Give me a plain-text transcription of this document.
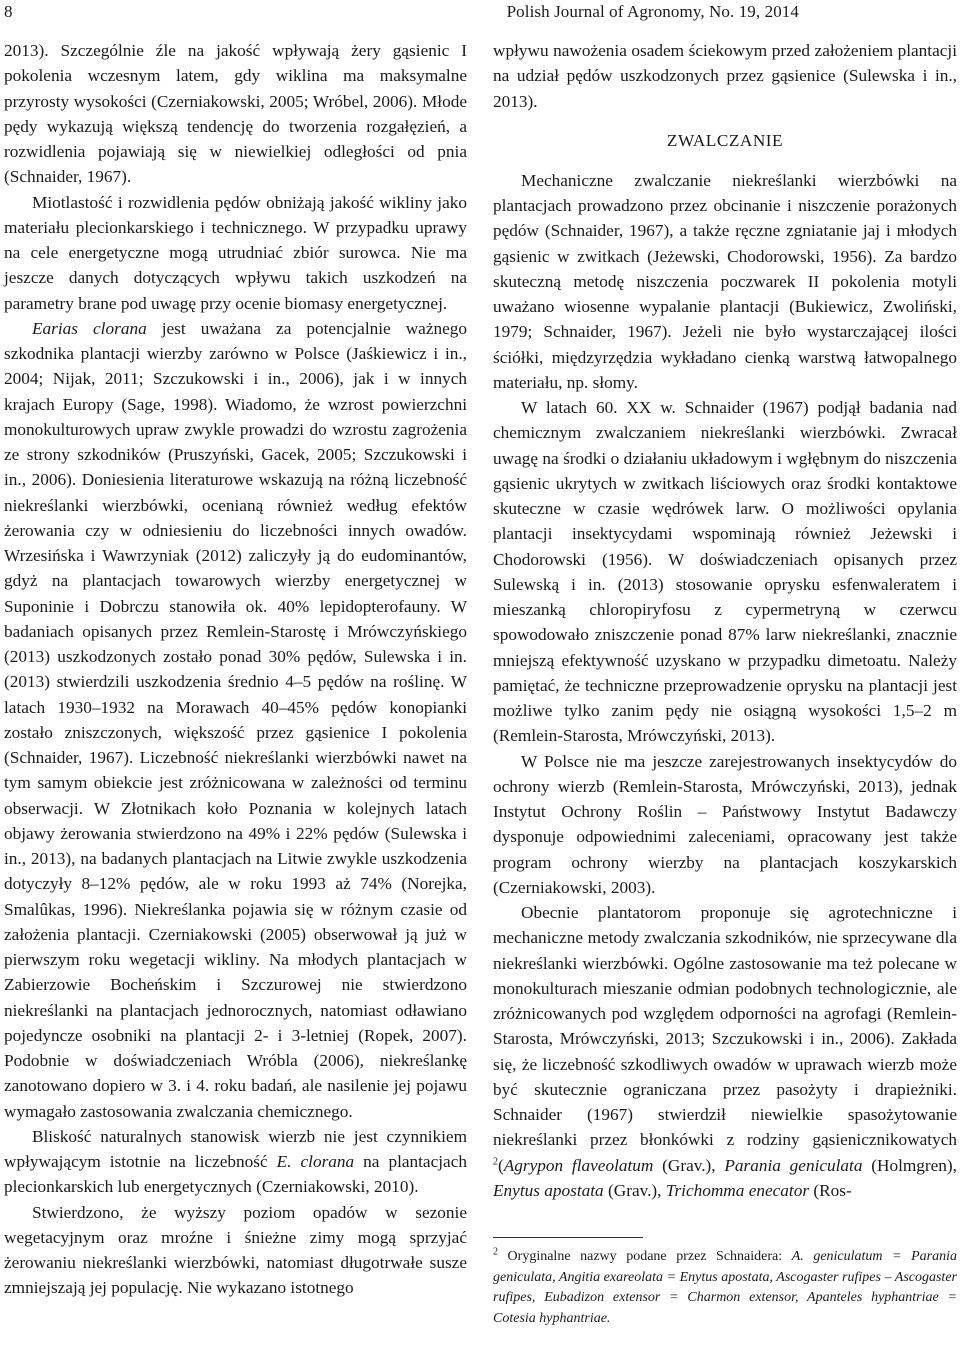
8	Polish Journal of Agronomy, No. 19, 2014

2013). Szczególnie źle na jakość wpływają żery gąsienic I pokolenia wczesnym latem, gdy wiklina ma maksymalne przyrosty wysokości (Czerniakowski, 2005; Wróbel, 2006). Młode pędy wykazują większą tendencję do tworzenia rozgałęzień, a rozwidlenia pojawiają się w niewielkiej odległości od pnia (Schnaider, 1967).

Miotlastość i rozwidlenia pędów obniżają jakość wikliny jako materiału plecionkarskiego i technicznego. W przypadku uprawy na cele energetyczne mogą utrudniać zbiór surowca. Nie ma jeszcze danych dotyczących wpływu takich uszkodzeń na parametry brane pod uwagę przy ocenie biomasy energetycznej.

Earias clorana jest uważana za potencjalnie ważnego szkodnika plantacji wierzby zarówno w Polsce (Jaśkiewicz i in., 2004; Nijak, 2011; Szczukowski i in., 2006), jak i w innych krajach Europy (Sage, 1998). Wiadomo, że wzrost powierzchni monokulturowych upraw zwykle prowadzi do wzrostu zagrożenia ze strony szkodników (Pruszyński, Gacek, 2005; Szczukowski i in., 2006). Doniesienia literaturowe wskazują na różną liczebność niekreślanki wierzbówki, ocenianą również według efektów żerowania czy w odniesieniu do liczebności innych owadów. Wrzesińska i Wawrzyniak (2012) zaliczyły ją do eudominantów, gdyż na plantacjach towarowych wierzby energetycznej w Suponinie i Dobrczu stanowiła ok. 40% lepidopterofauny. W badaniach opisanych przez Remlein-Starostę i Mrówczyńskiego (2013) uszkodzonych zostało ponad 30% pędów, Sulewska i in. (2013) stwierdzili uszkodzenia średnio 4–5 pędów na roślinę. W latach 1930–1932 na Morawach 40–45% pędów konopianki zostało zniszczonych, większość przez gąsienice I pokolenia (Schnaider, 1967). Liczebność niekreślanki wierzbówki nawet na tym samym obiekcie jest zróżnicowana w zależności od terminu obserwacji. W Złotnikach koło Poznania w kolejnych latach objawy żerowania stwierdzono na 49% i 22% pędów (Sulewska i in., 2013), na badanych plantacjach na Litwie zwykle uszkodzenia dotyczyły 8–12% pędów, ale w roku 1993 aż 74% (Norejka, Smalûkas, 1996). Niekreślanka pojawia się w różnym czasie od założenia plantacji. Czerniakowski (2005) obserwował ją już w pierwszym roku wegetacji wikliny. Na młodych plantacjach w Zabierzowie Bocheńskim i Szczurowej nie stwierdzono niekreślanki na plantacjach jednorocznych, natomiast odławiano pojedyncze osobniki na plantacji 2- i 3-letniej (Ropek, 2007). Podobnie w doświadczeniach Wróbla (2006), niekreślankę zanotowano dopiero w 3. i 4. roku badań, ale nasilenie jej pojawu wymagało zastosowania zwalczania chemicznego.

Bliskość naturalnych stanowisk wierzb nie jest czynnikiem wpływającym istotnie na liczebność E. clorana na plantacjach plecionkarskich lub energetycznych (Czerniakowski, 2010).

Stwierdzono, że wyższy poziom opadów w sezonie wegetacyjnym oraz mroźne i śnieżne zimy mogą sprzyjać żerowaniu niekreślanki wierzbówki, natomiast długotrwałe susze zmniejszają jej populację. Nie wykazano istotnego

wpływu nawożenia osadem ściekowym przed założeniem plantacji na udział pędów uszkodzonych przez gąsienice (Sulewska i in., 2013).

ZWALCZANIE

Mechaniczne zwalczanie niekreślanki wierzbówki na plantacjach prowadzono przez obcinanie i niszczenie porażonych pędów (Schnaider, 1967), a także ręczne zgniatanie jaj i młodych gąsienic w zwitkach (Jeżewski, Chodorowski, 1956). Za bardzo skuteczną metodę niszczenia poczwarek II pokolenia motyli uważano wiosenne wypalanie plantacji (Bukiewicz, Zwoliński, 1979; Schnaider, 1967). Jeżeli nie było wystarczającej ilości ściółki, międzyrzędzia wykładano cienką warstwą łatwopalnego materiału, np. słomy.

W latach 60. XX w. Schnaider (1967) podjął badania nad chemicznym zwalczaniem niekreślanki wierzbówki. Zwracał uwagę na środki o działaniu układowym i wgłębnym do niszczenia gąsienic ukrytych w zwitkach liściowych oraz środki kontaktowe skuteczne w czasie wędrówek larw. O możliwości opylania plantacji insektycydami wspominają również Jeżewski i Chodorowski (1956). W doświadczeniach opisanych przez Sulewską i in. (2013) stosowanie oprysku esfenwaleratem i mieszanką chloropiryfosu z cypermetryną w czerwcu spowodowało zniszczenie ponad 87% larw niekreślanki, znacznie mniejszą efektywność uzyskano w przypadku dimetoatu. Należy pamiętać, że techniczne przeprowadzenie oprysku na plantacji jest możliwe tylko zanim pędy nie osiągną wysokości 1,5–2 m (Remlein-Starosta, Mrówczyński, 2013).

W Polsce nie ma jeszcze zarejestrowanych insektycydów do ochrony wierzb (Remlein-Starosta, Mrówczyński, 2013), jednak Instytut Ochrony Roślin – Państwowy Instytut Badawczy dysponuje odpowiednimi zaleceniami, opracowany jest także program ochrony wierzby na plantacjach koszykarskich (Czerniakowski, 2003).

Obecnie plantatorom proponuje się agrotechniczne i mechaniczne metody zwalczania szkodników, nie sprzecywane dla niekreślanki wierzbówki. Ogólne zastosowanie ma też polecane w monokulturach mieszanie odmian podobnych technologicznie, ale zróżnicowanych pod względem odporności na agrofagi (Remlein-Starosta, Mrówczyński, 2013; Szczukowski i in., 2006). Zakłada się, że liczebność szkodliwych owadów w uprawach wierzb może być skutecznie ograniczana przez pasożyty i drapieżniki. Schnaider (1967) stwierdził niewielkie spasożytowanie niekreślanki przez błonkówki z rodziny gąsienicznikowatych $^2$(Agrypon flaveolatum (Grav.), Parania geniculata (Holmgren), Enytus apostata (Grav.), Trichomma enecator (Ros-

$^2$ Oryginalne nazwy podane przez Schnaidera: A. geniculatum = Parania geniculata, Angitia exareolata = Enytus apostata, Ascogaster rufipes – Ascogaster rufipes, Eubadizon extensor = Charmon extensor, Apanteles hyphantriae = Cotesia hyphantriae.
